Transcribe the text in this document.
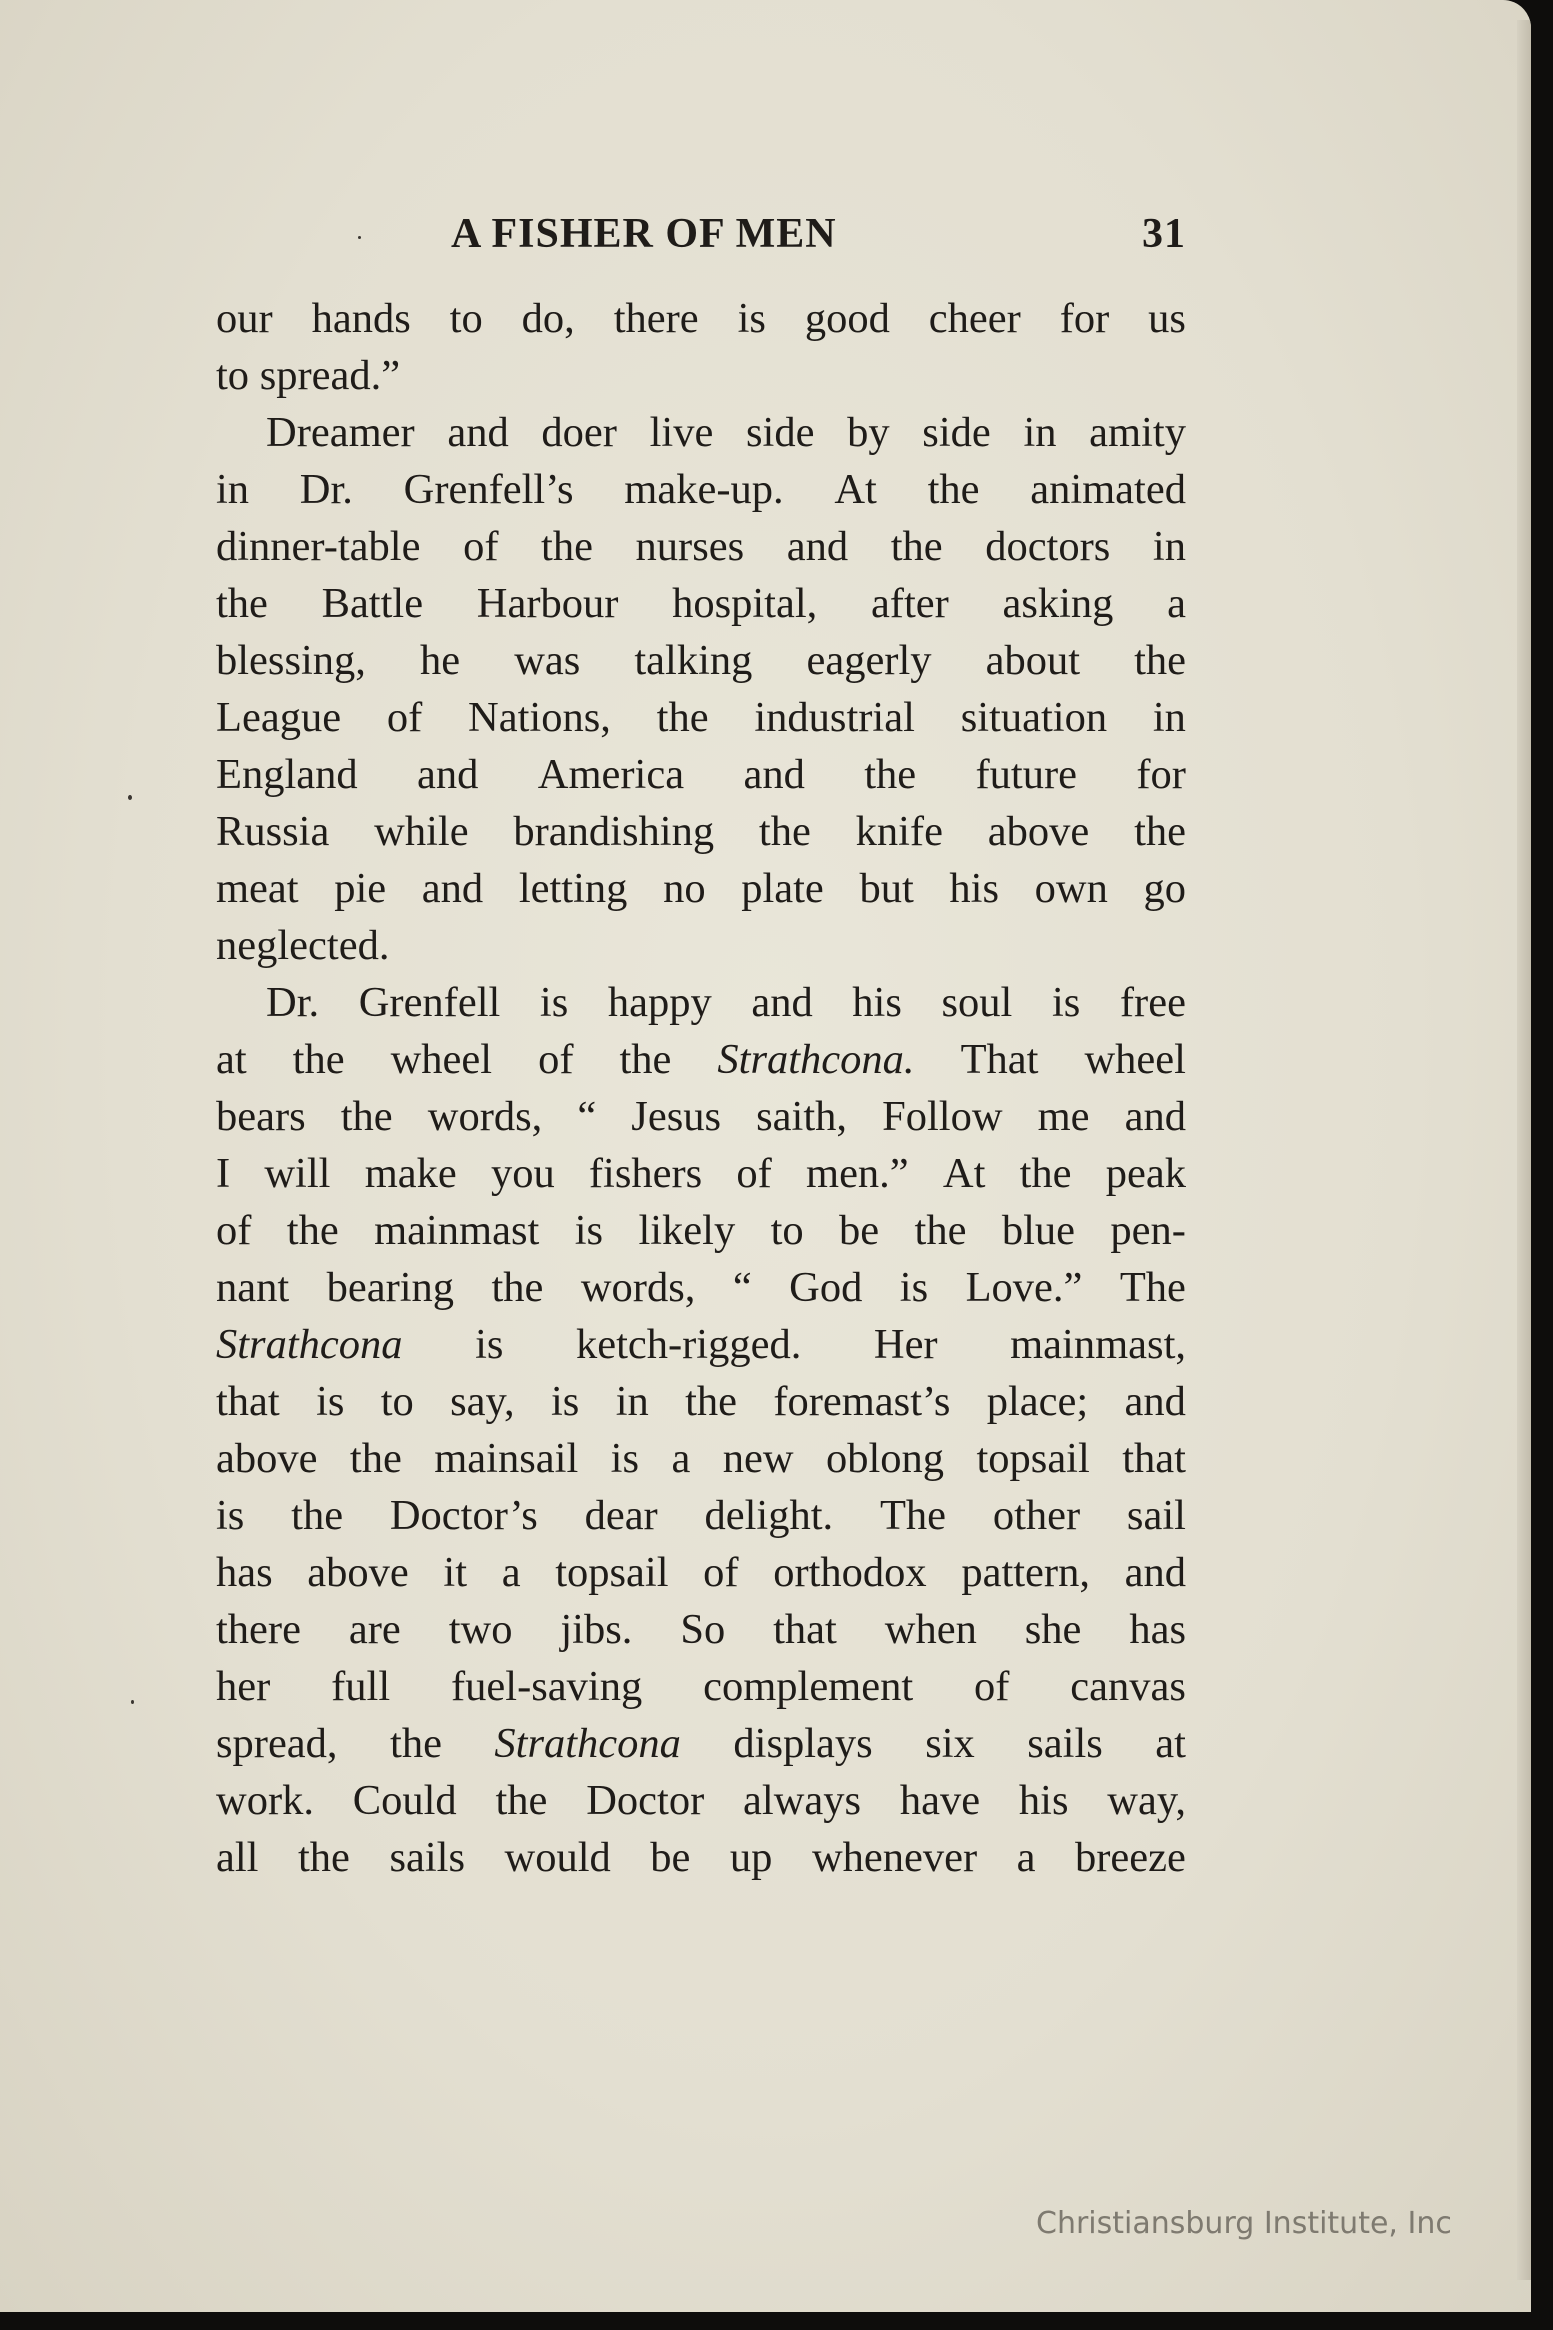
A FISHER OF MEN	31
our hands to do, there is good cheer for us
to spread.”
Dreamer and doer live side by side in amity
in Dr. Grenfell’s make-up. At the animated
dinner-table of the nurses and the doctors in
the Battle Harbour hospital, after asking a
blessing, he was talking eagerly about the
League of Nations, the industrial situation in
England and America and the future for
Russia while brandishing the knife above the
meat pie and letting no plate but his own go
neglected.
Dr. Grenfell is happy and his soul is free
at the wheel of the Strathcona. That wheel
bears the words, “ Jesus saith, Follow me and
I will make you fishers of men.” At the peak
of the mainmast is likely to be the blue pen-
nant bearing the words, “ God is Love.” The
Strathcona is ketch-rigged. Her mainmast,
that is to say, is in the foremast’s place; and
above the mainsail is a new oblong topsail that
is the Doctor’s dear delight. The other sail
has above it a topsail of orthodox pattern, and
there are two jibs. So that when she has
her full fuel-saving complement of canvas
spread, the Strathcona displays six sails at
work. Could the Doctor always have his way,
all the sails would be up whenever a breeze
Christiansburg Institute, Inc
